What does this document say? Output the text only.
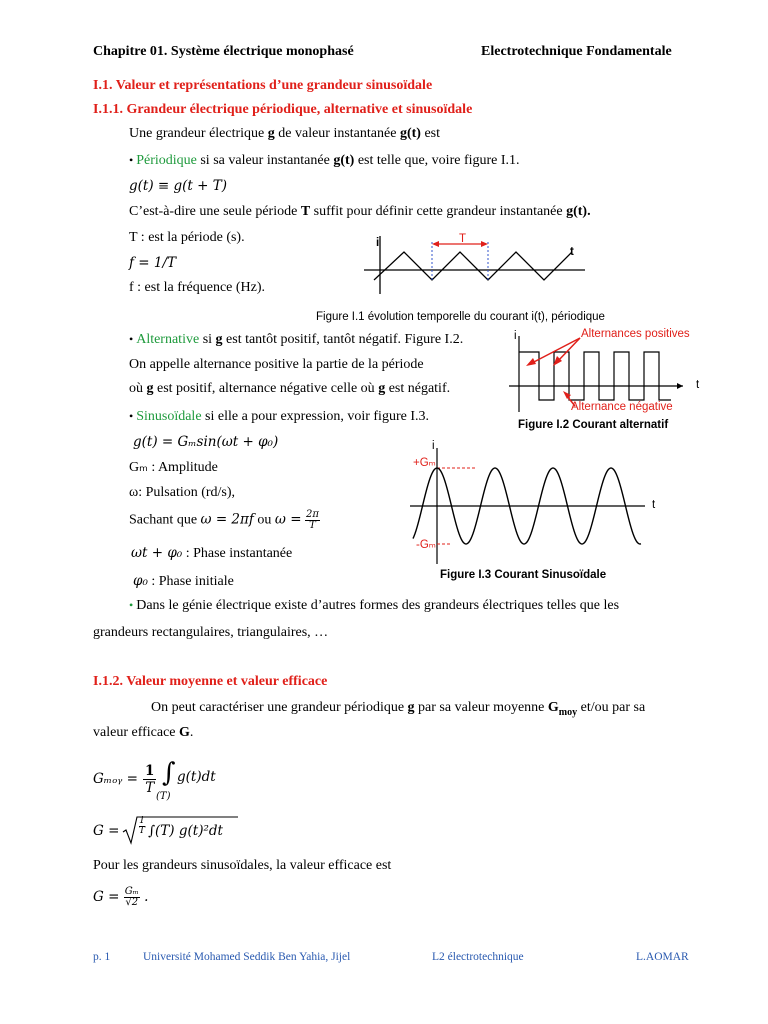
Chapitre 01. Système électrique monophasé	Electrotechnique Fondamentale
I.1. Valeur et représentations d’une grandeur sinusoïdale
I.1.1. Grandeur électrique périodique, alternative et sinusoïdale
Une grandeur électrique g de valeur instantanée g(t) est
• Périodique si sa valeur instantanée g(t) est telle que, voire figure I.1.
g(t) ≡ g(t + T)
C’est-à-dire une seule période T suffit pour définir cette grandeur instantanée g(t).
T : est la période (s).
f = 1/T
f : est la fréquence (Hz).
i
t
T
Figure I.1 évolution temporelle du courant i(t), périodique
• Alternative si g est tantôt positif, tantôt négatif. Figure I.2.
On appelle alternance positive la partie de la période
où g est positif, alternance négative celle où g est négatif.
i
t
Alternances positives
Alternance négative
Figure I.2 Courant alternatif
• Sinusoïdale si elle a pour expression, voir figure I.3.
g(t) = Gₘsin(ωt + φ₀)
Gₘ : Amplitude
ω: Pulsation (rd/s),
Sachant que ω = 2πf ou $\omega = \frac{2\pi}{T}$
ωt + φ₀ : Phase instantanée
φ₀ : Phase initiale
i
t
+Gₘ
-Gₘ
Figure I.3 Courant Sinusoïdale
• Dans le génie électrique existe d’autres formes des grandeurs électriques telles que les
grandeurs rectangulaires, triangulaires, …
I.1.2. Valeur moyenne et valeur efficace
On peut caractériser une grandeur périodique g par sa valeur moyenne $G_{moy}$ et/ou par sa
valeur efficace G.
Gₘₒᵧ = 1
T ∫
(T)
g(t)dt
G =
1
T ∫(T) g(t)²dt
Pour les grandeurs sinusoïdales, la valeur efficace est
$G = \frac{\text{Gₘ}}{√2}$ .
p. 1	Université Mohamed Seddik Ben Yahia, Jijel	L2 électrotechnique	L.AOMAR
